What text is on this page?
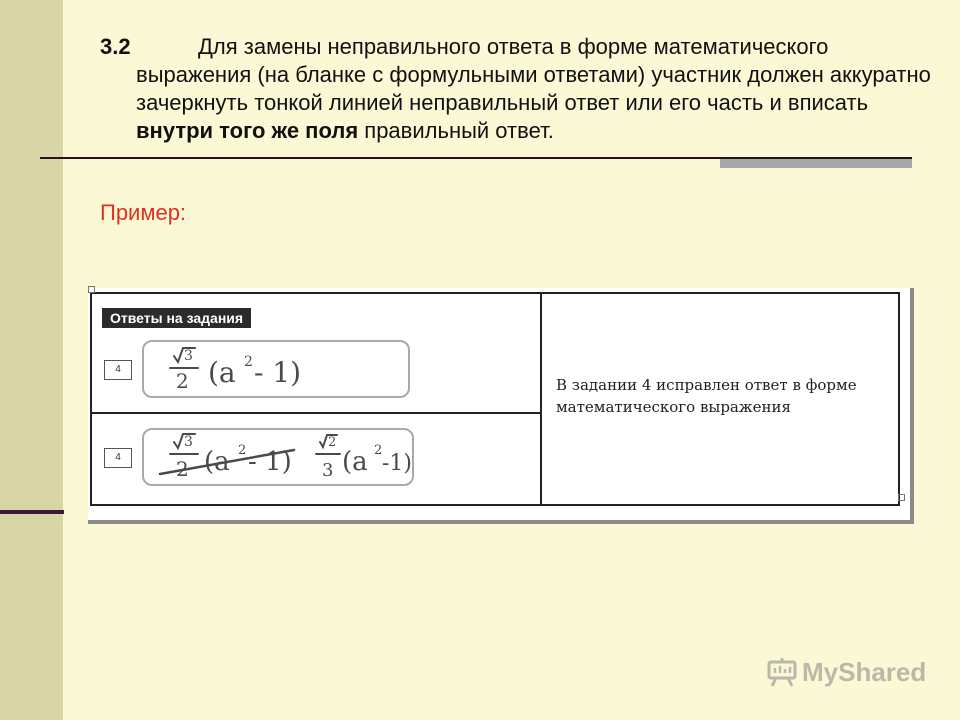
3.2	Для замены неправильного ответа в форме математического выражения (на бланке с формульными ответами) участник должен аккуратно зачеркнуть тонкой линией неправильный ответ или его часть и вписать внутри того же поля правильный ответ.
Пример:
Ответы на задания
4
3
2 (a 2 - 1)
4
3
2 (a 2 - 1)
2
3 (a 2
-1)
В задании 4 исправлен ответ в форме математического выражения
MyShared
